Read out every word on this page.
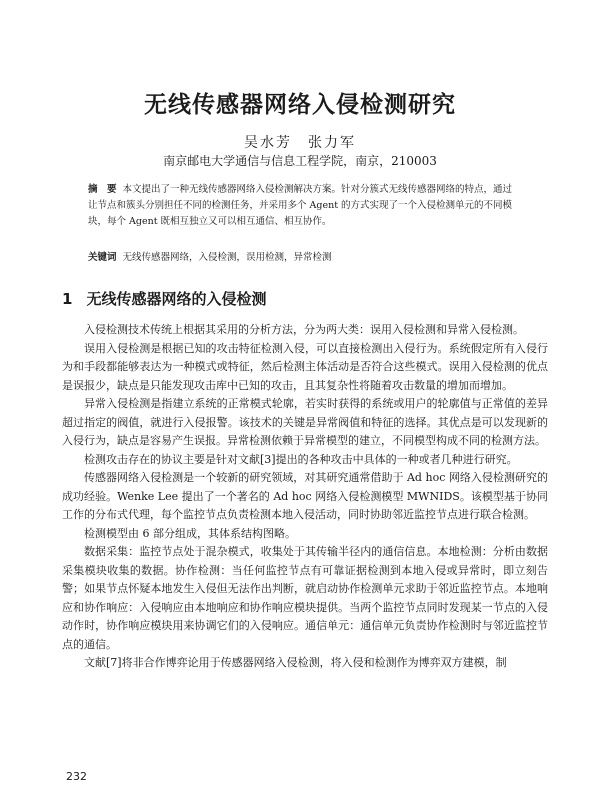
无线传感器网络入侵检测研究
吴水芳　张力军
南京邮电大学通信与信息工程学院，南京，210003
摘　要 本文提出了一种无线传感器网络入侵检测解决方案。针对分簇式无线传感器网络的特点，通过让节点和簇头分别担任不同的检测任务，并采用多个 Agent 的方式实现了一个入侵检测单元的不同模块，每个 Agent 既相互独立又可以相互通信、相互协作。
关键词 无线传感器网络，入侵检测，误用检测，异常检测
1 无线传感器网络的入侵检测

入侵检测技术传统上根据其采用的分析方法，分为两大类：误用入侵检测和异常入侵检测。

误用入侵检测是根据已知的攻击特征检测入侵，可以直接检测出入侵行为。系统假定所有入侵行为和手段都能够表达为一种模式或特征，然后检测主体活动是否符合这些模式。误用入侵检测的优点是误报少，缺点是只能发现攻击库中已知的攻击，且其复杂性将随着攻击数量的增加而增加。

异常入侵检测是指建立系统的正常模式轮廓，若实时获得的系统或用户的轮廓值与正常值的差异超过指定的阀值，就进行入侵报警。该技术的关键是异常阀值和特征的选择。其优点是可以发现新的入侵行为，缺点是容易产生误报。异常检测依赖于异常模型的建立，不同模型构成不同的检测方法。

检测攻击存在的协议主要是针对文献[3]提出的各种攻击中具体的一种或者几种进行研究。

传感器网络入侵检测是一个较新的研究领域，对其研究通常借助于 Ad hoc 网络入侵检测研究的成功经验。Wenke Lee 提出了一个著名的 Ad hoc 网络入侵检测模型 MWNIDS。该模型基于协同工作的分布式代理，每个监控节点负责检测本地入侵活动，同时协助邻近监控节点进行联合检测。

检测模型由 6 部分组成，其体系结构图略。

数据采集：监控节点处于混杂模式，收集处于其传输半径内的通信信息。本地检测：分析由数据采集模块收集的数据。协作检测：当任何监控节点有可靠证据检测到本地入侵或异常时，即立刻告警；如果节点怀疑本地发生入侵但无法作出判断，就启动协作检测单元求助于邻近监控节点。本地响应和协作响应：入侵响应由本地响应和协作响应模块提供。当两个监控节点同时发现某一节点的入侵动作时，协作响应模块用来协调它们的入侵响应。通信单元：通信单元负责协作检测时与邻近监控节点的通信。

文献[7]将非合作博弈论用于传感器网络入侵检测，将入侵和检测作为博弈双方建模，制

232
